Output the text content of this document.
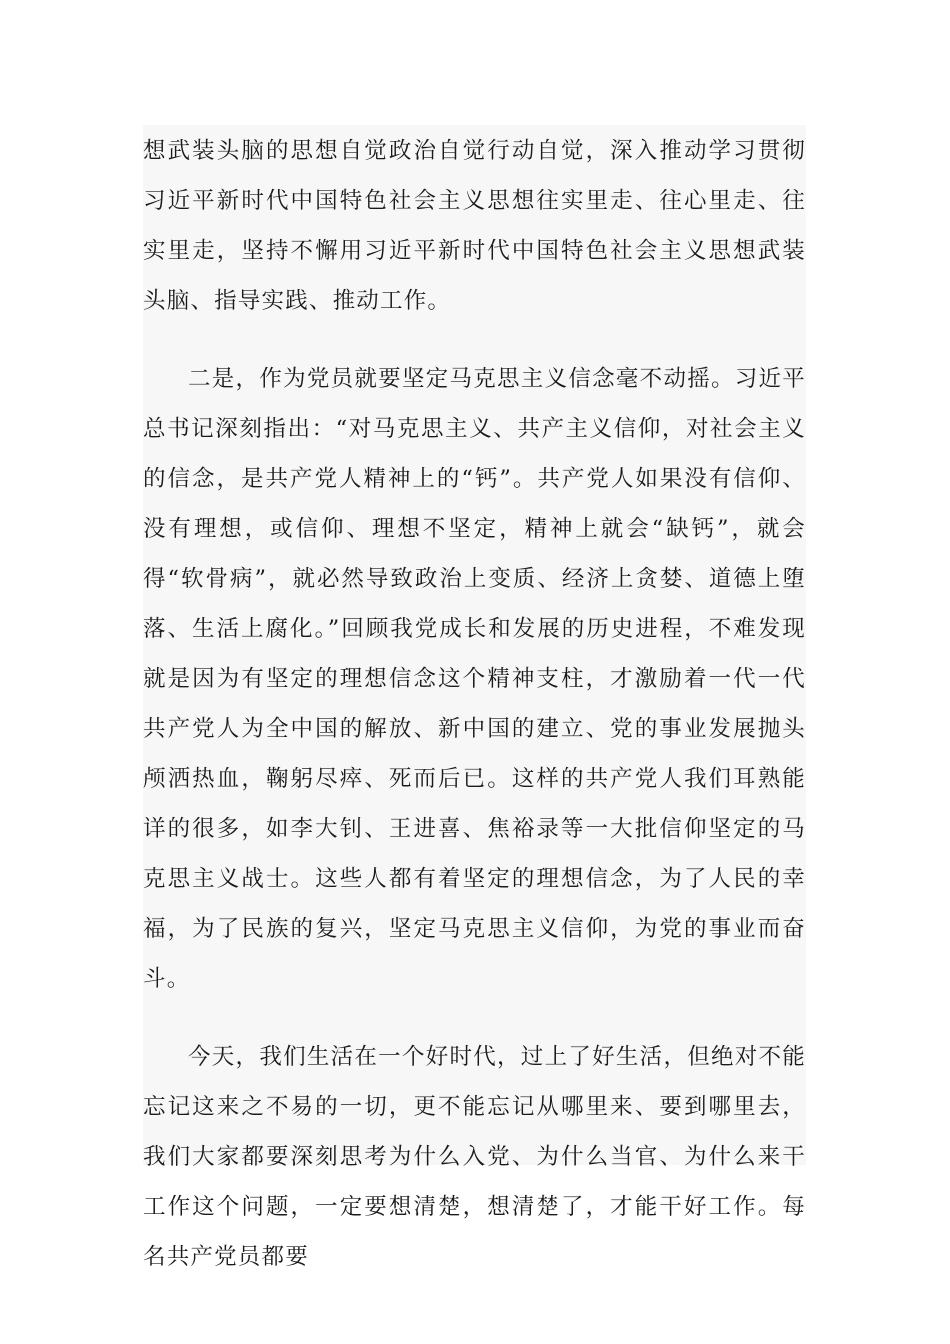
想武装头脑的思想自觉政治自觉行动自觉，深入推动学习贯彻习近平新时代中国特色社会主义思想往实里走、往心里走、往实里走，坚持不懈用习近平新时代中国特色社会主义思想武装头脑、指导实践、推动工作。

二是，作为党员就要坚定马克思主义信念毫不动摇。习近平总书记深刻指出：“对马克思主义、共产主义信仰，对社会主义的信念，是共产党人精神上的“钙”。共产党人如果没有信仰、没有理想，或信仰、理想不坚定，精神上就会“缺钙”，就会得“软骨病”，就必然导致政治上变质、经济上贪婪、道德上堕落、生活上腐化。”回顾我党成长和发展的历史进程，不难发现就是因为有坚定的理想信念这个精神支柱，才激励着一代一代共产党人为全中国的解放、新中国的建立、党的事业发展抛头颅洒热血，鞠躬尽瘁、死而后已。这样的共产党人我们耳熟能详的很多，如李大钊、王进喜、焦裕录等一大批信仰坚定的马克思主义战士。这些人都有着坚定的理想信念，为了人民的幸福，为了民族的复兴，坚定马克思主义信仰，为党的事业而奋斗。

今天，我们生活在一个好时代，过上了好生活，但绝对不能忘记这来之不易的一切，更不能忘记从哪里来、要到哪里去，我们大家都要深刻思考为什么入党、为什么当官、为什么来干工作这个问题，一定要想清楚，想清楚了，才能干好工作。每名共产党员都要
